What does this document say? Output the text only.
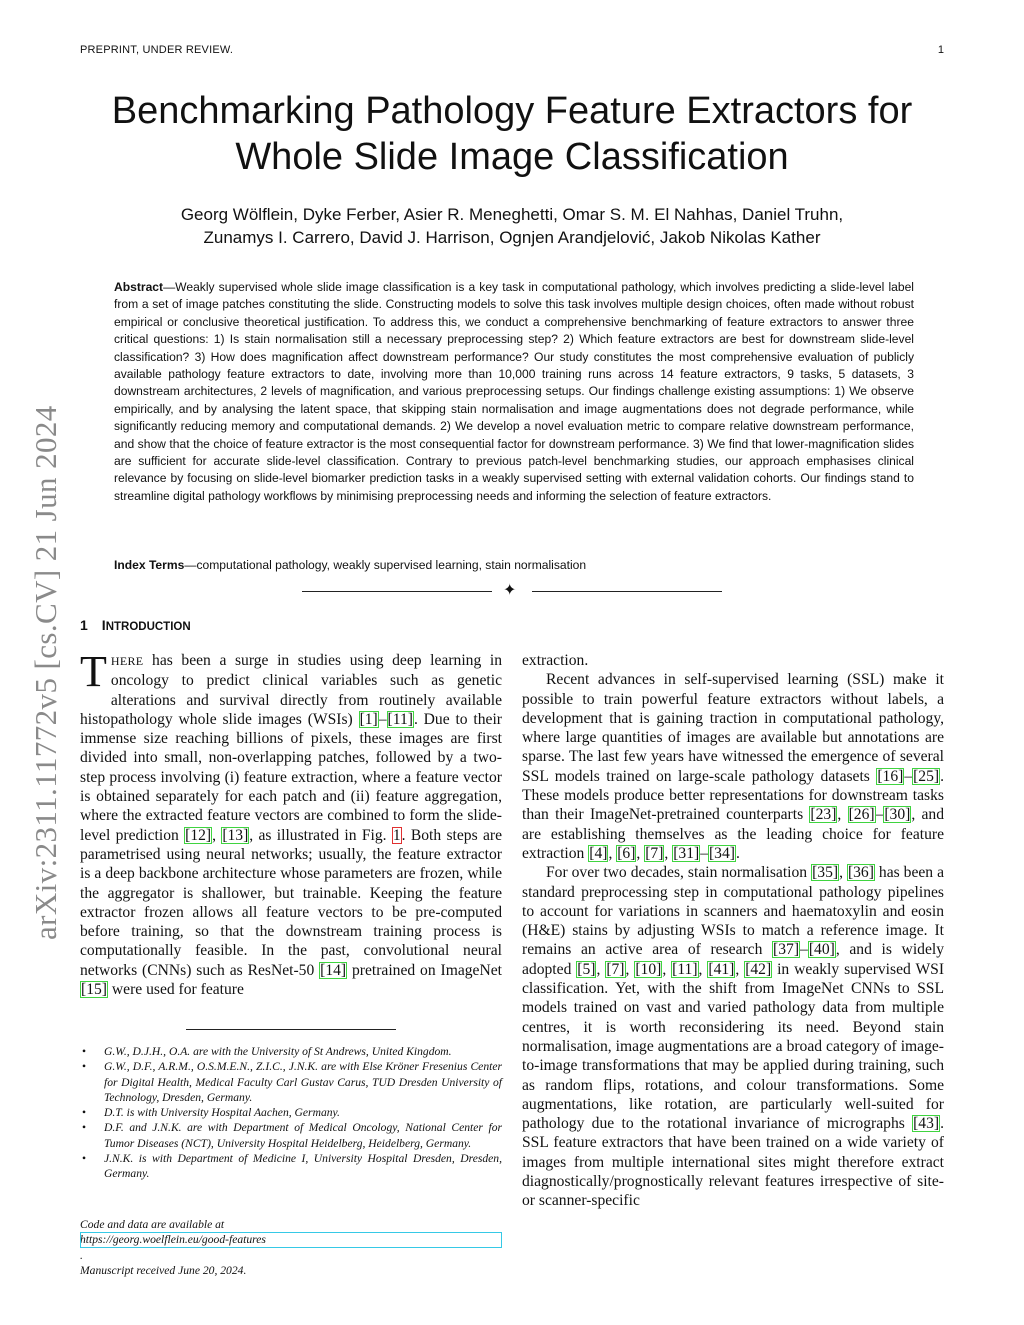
PREPRINT, UNDER REVIEW.	1
arXiv:2311.11772v5 [cs.CV] 21 Jun 2024
Benchmarking Pathology Feature Extractors for
Whole Slide Image Classification
Georg Wölflein, Dyke Ferber, Asier R. Meneghetti, Omar S. M. El Nahhas, Daniel Truhn,
Zunamys I. Carrero, David J. Harrison, Ognjen Arandjelović, Jakob Nikolas Kather

Abstract—Weakly supervised whole slide image classification is a key task in computational pathology, which involves predicting a slide-level label from a set of image patches constituting the slide. Constructing models to solve this task involves multiple design choices, often made without robust empirical or conclusive theoretical justification. To address this, we conduct a comprehensive benchmarking of feature extractors to answer three critical questions: 1) Is stain normalisation still a necessary preprocessing step? 2) Which feature extractors are best for downstream slide-level classification? 3) How does magnification affect downstream performance? Our study constitutes the most comprehensive evaluation of publicly available pathology feature extractors to date, involving more than 10,000 training runs across 14 feature extractors, 9 tasks, 5 datasets, 3 downstream architectures, 2 levels of magnification, and various preprocessing setups. Our findings challenge existing assumptions: 1) We observe empirically, and by analysing the latent space, that skipping stain normalisation and image augmentations does not degrade performance, while significantly reducing memory and computational demands. 2) We develop a novel evaluation metric to compare relative downstream performance, and show that the choice of feature extractor is the most consequential factor for downstream performance. 3) We find that lower-magnification slides are sufficient for accurate slide-level classification. Contrary to previous patch-level benchmarking studies, our approach emphasises clinical relevance by focusing on slide-level biomarker prediction tasks in a weakly supervised setting with external validation cohorts. Our findings stand to streamline digital pathology workflows by minimising preprocessing needs and informing the selection of feature extractors.

Index Terms—computational pathology, weakly supervised learning, stain normalisation

✦
1 INTRODUCTION

THERE has been a surge in studies using deep learning in oncology to predict clinical variables such as genetic alterations and survival directly from routinely available histopathology whole slide images (WSIs) [1]–[11]. Due to their immense size reaching billions of pixels, these images are first divided into small, non-overlapping patches, followed by a two-step process involving (i) feature extraction, where a feature vector is obtained separately for each patch and (ii) feature aggregation, where the extracted feature vectors are combined to form the slide-level prediction [12], [13], as illustrated in Fig. 1. Both steps are parametrised using neural networks; usually, the feature extractor is a deep backbone architecture whose parameters are frozen, while the aggregator is shallower, but trainable. Keeping the feature extractor frozen allows all feature vectors to be pre-computed before training, so that the downstream training process is computationally feasible. In the past, convolutional neural networks (CNNs) such as ResNet-50 [14] pretrained on ImageNet [15] were used for feature

extraction.

Recent advances in self-supervised learning (SSL) make it possible to train powerful feature extractors without labels, a development that is gaining traction in computational pathology, where large quantities of images are available but annotations are sparse. The last few years have witnessed the emergence of several SSL models trained on large-scale pathology datasets [16]–[25]. These models produce better representations for downstream tasks than their ImageNet-pretrained counterparts [23], [26]–[30], and are establishing themselves as the leading choice for feature extraction [4], [6], [7], [31]–[34].

For over two decades, stain normalisation [35], [36] has been a standard preprocessing step in computational pathology pipelines to account for variations in scanners and haematoxylin and eosin (H&E) stains by adjusting WSIs to match a reference image. It remains an active area of research [37]–[40], and is widely adopted [5], [7], [10], [11], [41], [42] in weakly supervised WSI classification. Yet, with the shift from ImageNet CNNs to SSL models trained on vast and varied pathology data from multiple centres, it is worth reconsidering its need. Beyond stain normalisation, image augmentations are a broad category of image-to-image transformations that may be applied during training, such as random flips, rotations, and colour transformations. Some augmentations, like rotation, are particularly well-suited for pathology due to the rotational invariance of micrographs [43]. SSL feature extractors that have been trained on a wide variety of images from multiple international sites might therefore extract diagnostically/prognostically relevant features irrespective of site- or scanner-specific

• G.W., D.J.H., O.A. are with the University of St Andrews, United Kingdom.
• G.W., D.F., A.R.M., O.S.M.E.N., Z.I.C., J.N.K. are with Else Kröner Fresenius Center for Digital Health, Medical Faculty Carl Gustav Carus, TUD Dresden University of Technology, Dresden, Germany.
• D.T. is with University Hospital Aachen, Germany.
• D.F. and J.N.K. are with Department of Medical Oncology, National Center for Tumor Diseases (NCT), University Hospital Heidelberg, Heidelberg, Germany.
• J.N.K. is with Department of Medicine I, University Hospital Dresden, Dresden, Germany.

Code and data are available at
https://georg.woelflein.eu/good-features
.
Manuscript received June 20, 2024.
